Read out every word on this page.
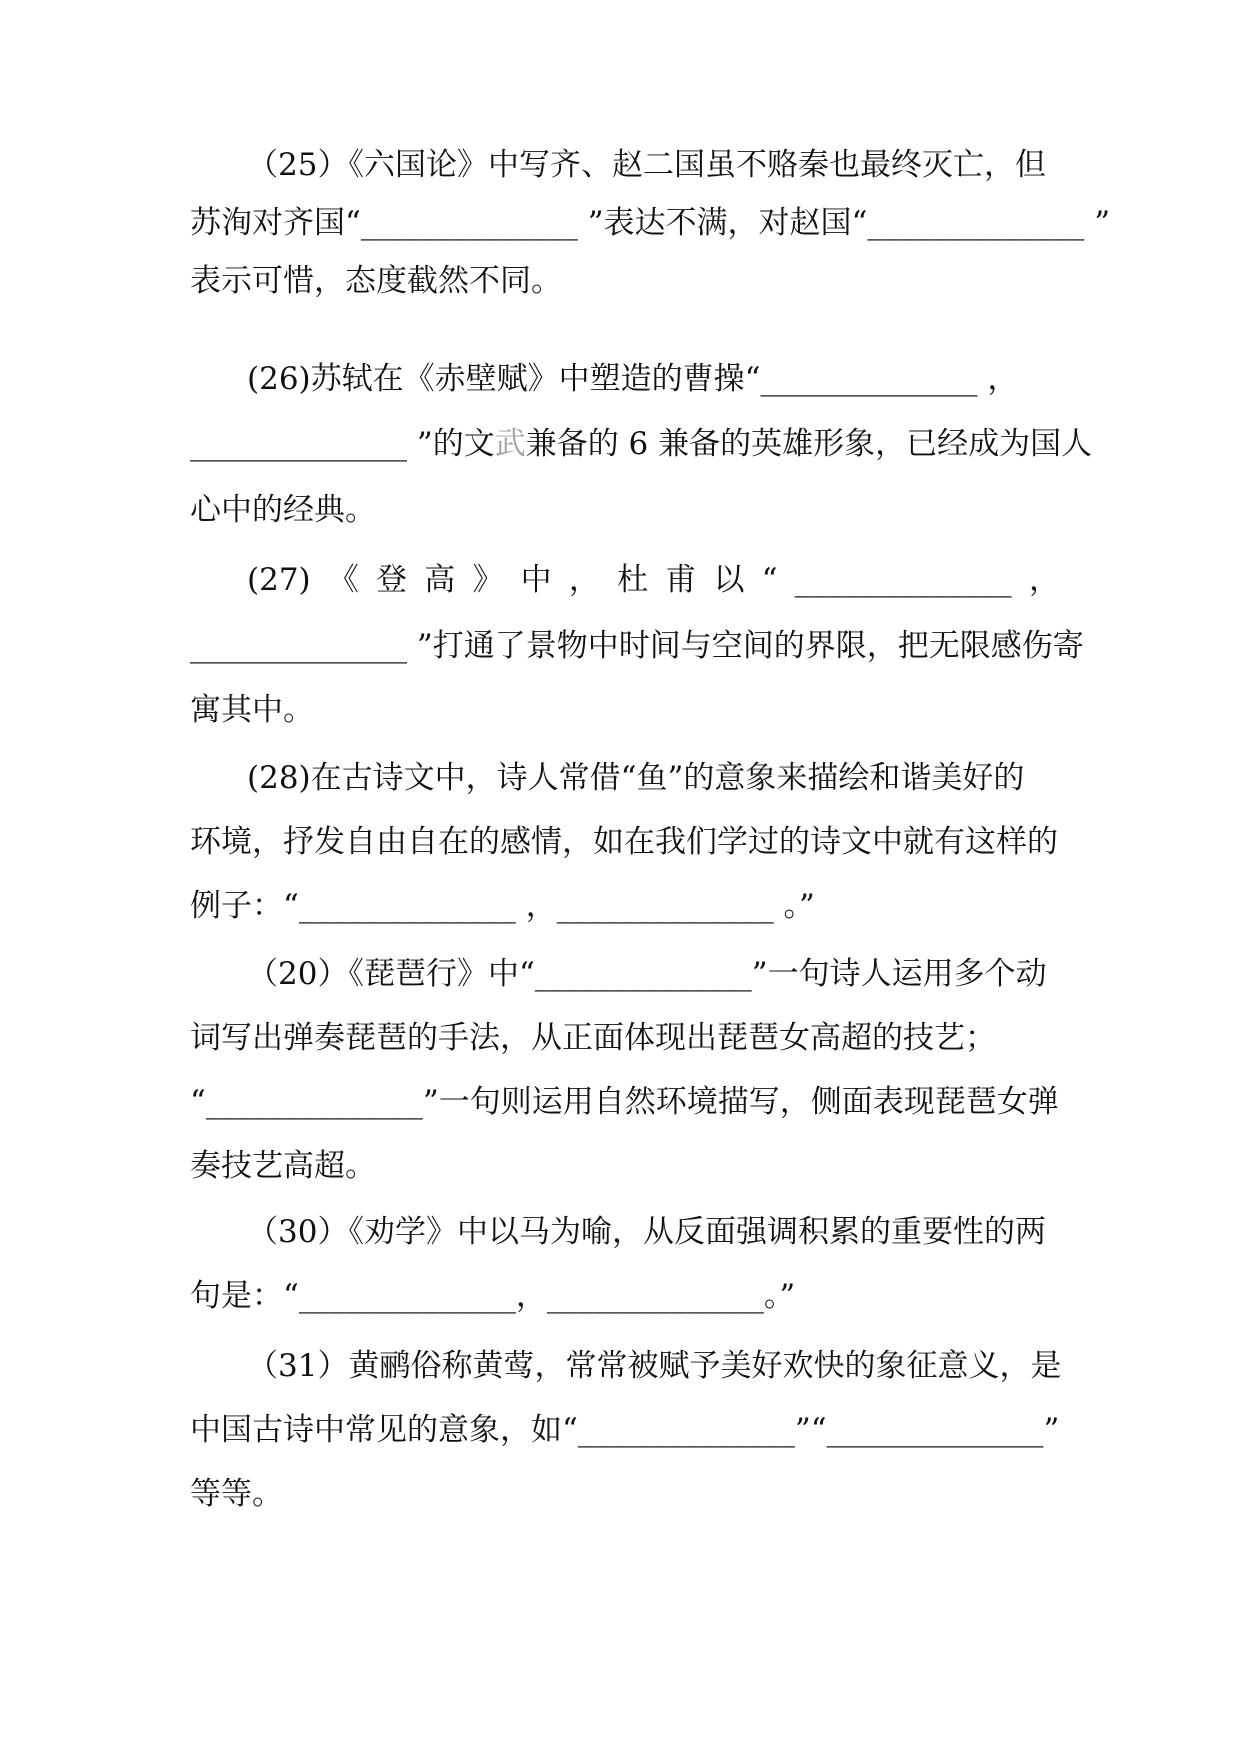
（25）《六国论》中写齐、赵二国虽不赂秦也最终灭亡，但
苏洵对齐国“______________ ”表达不满，对赵国“______________ ”
表示可惜，态度截然不同。
(26)苏轼在《赤壁赋》中塑造的曹操“______________ ，
______________ ”的文武兼备的 6 兼备的英雄形象，已经成为国人
心中的经典。
(27) 《 登 高 》 中 ， 杜 甫 以 “ ______________ ，
______________ ”打通了景物中时间与空间的界限，把无限感伤寄
寓其中。
(28)在古诗文中，诗人常借“鱼”的意象来描绘和谐美好的
环境，抒发自由自在的感情，如在我们学过的诗文中就有这样的
例子：“______________ ，______________ 。”
（20）《琵琶行》中“______________”一句诗人运用多个动
词写出弹奏琵琶的手法，从正面体现出琵琶女高超的技艺；
“______________”一句则运用自然环境描写，侧面表现琵琶女弹
奏技艺高超。
（30）《劝学》中以马为喻，从反面强调积累的重要性的两
句是：“______________，______________。”
（31）黄鹂俗称黄莺，常常被赋予美好欢快的象征意义，是
中国古诗中常见的意象，如“______________”“______________”
等等。
